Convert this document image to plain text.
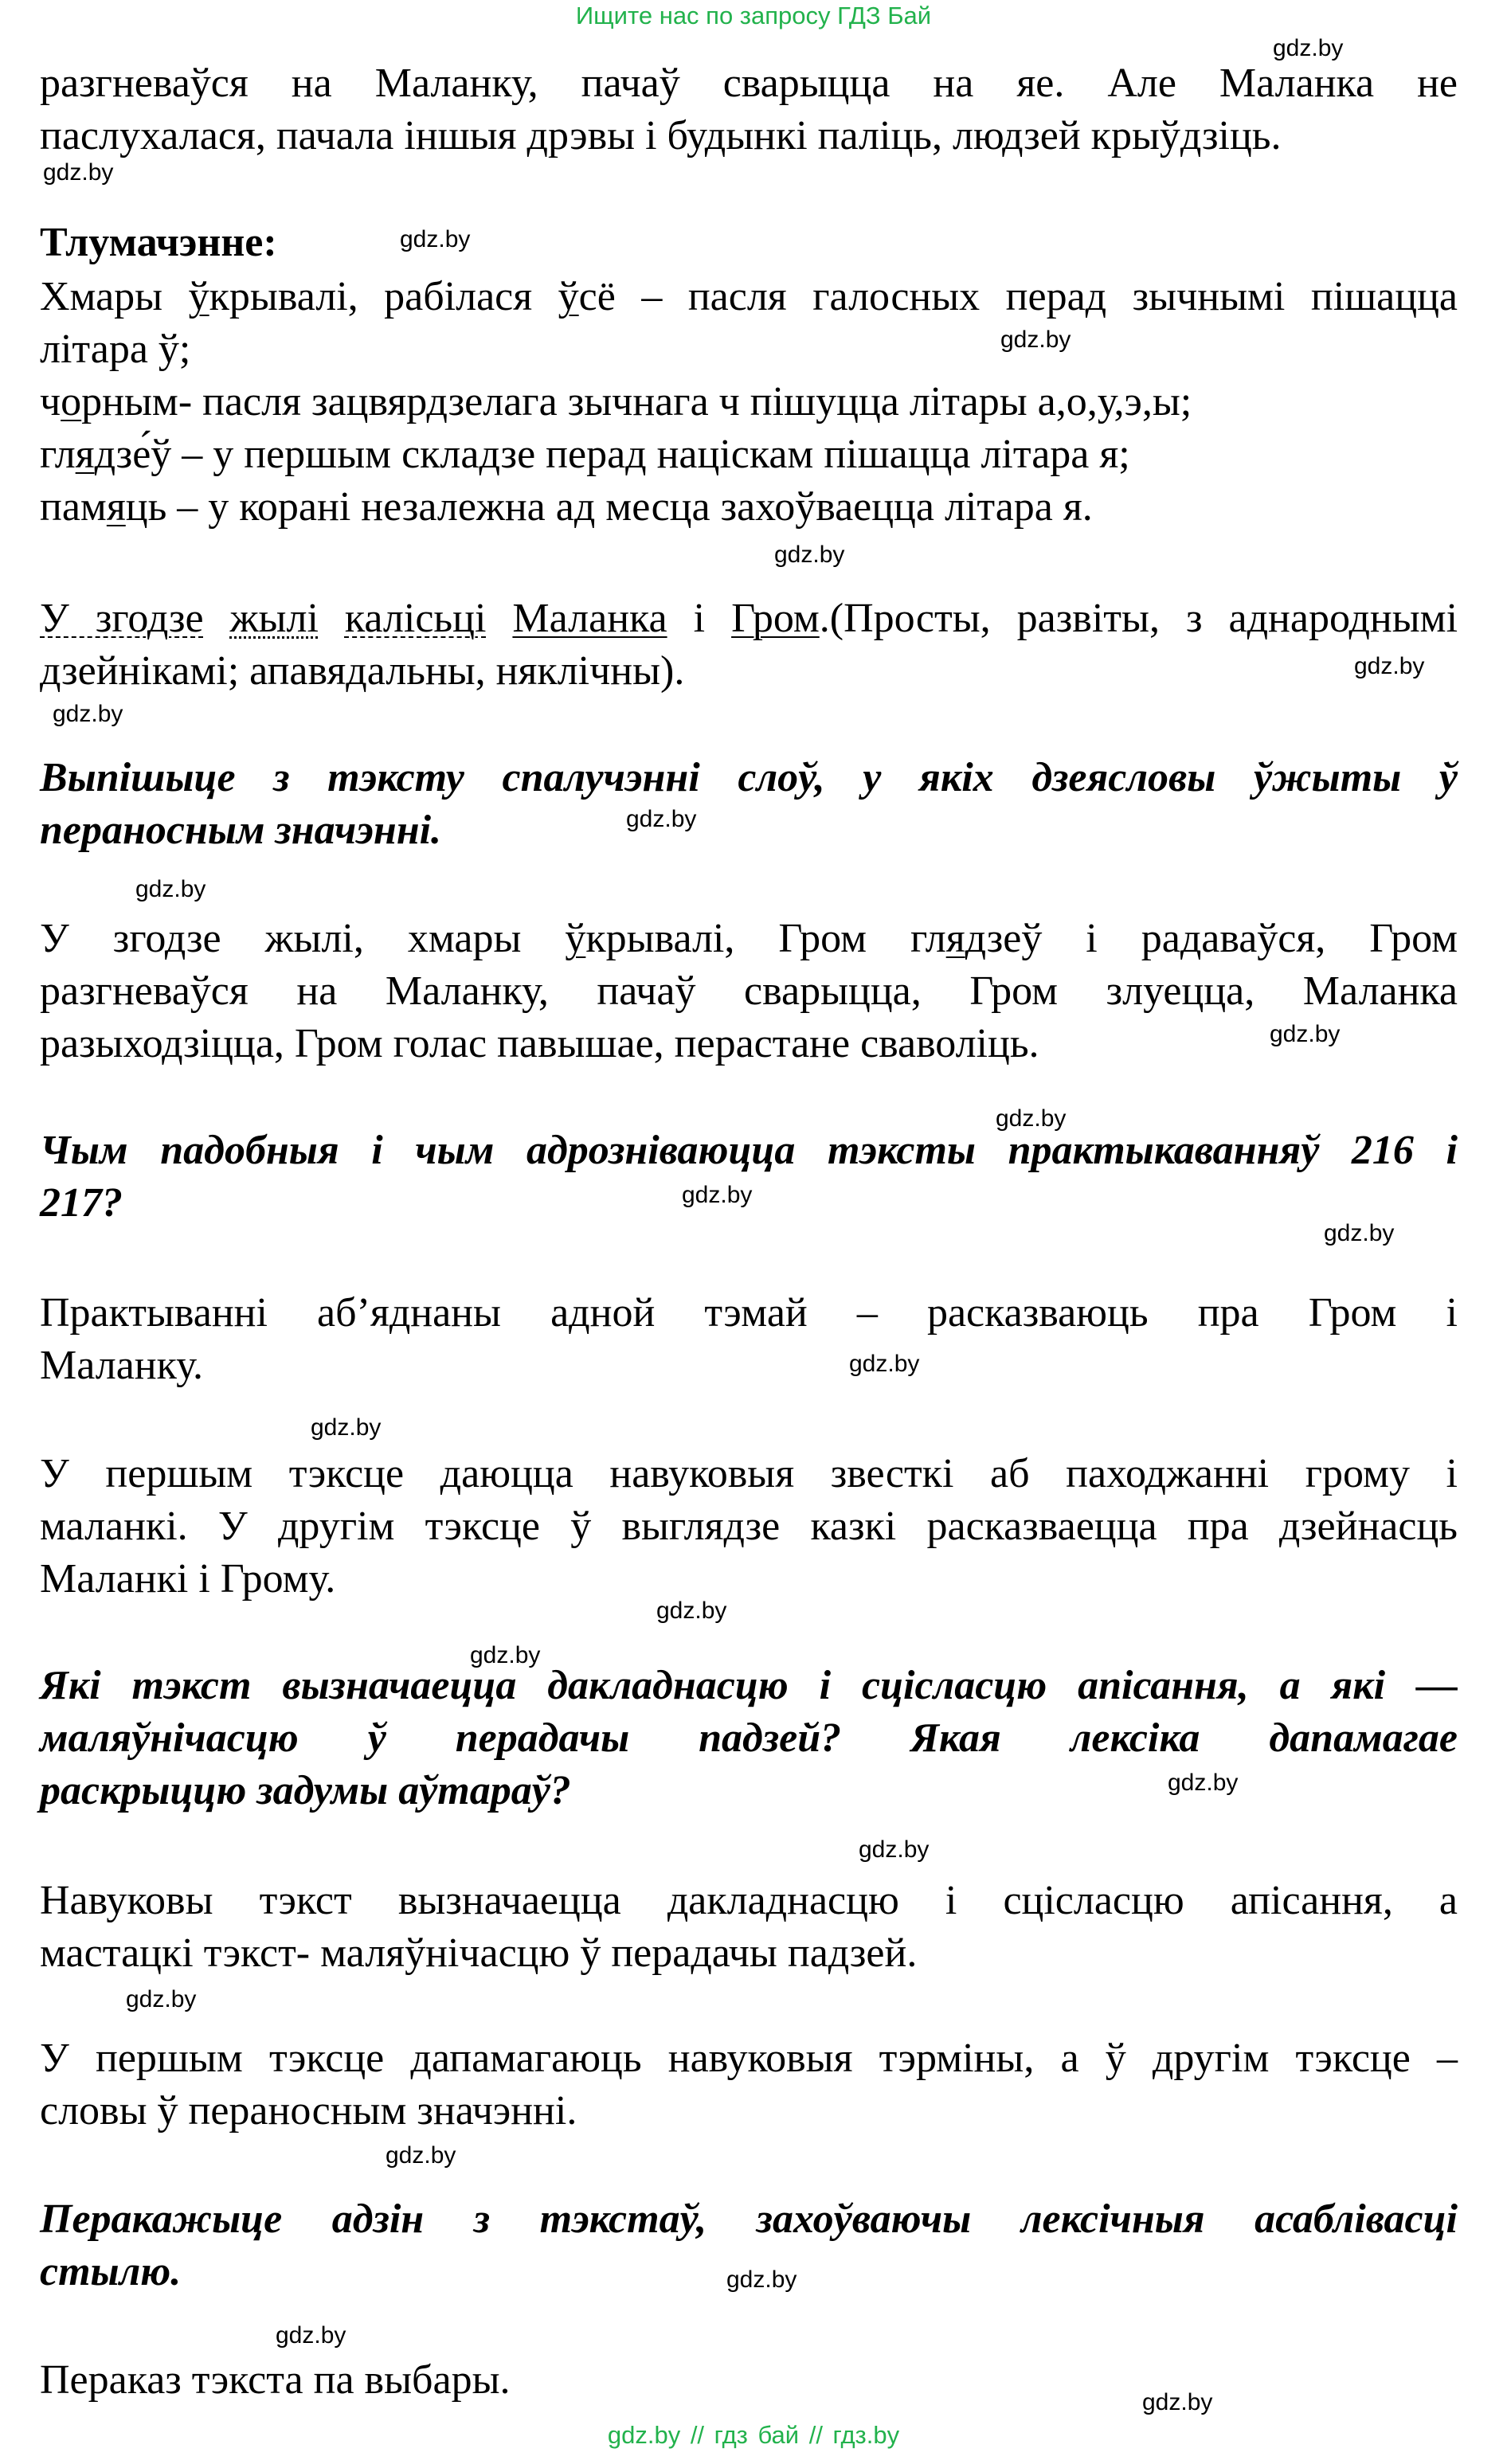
Ищите нас по запросу ГДЗ Бай
gdz.by
gdz.by
gdz.by
gdz.by
gdz.by
gdz.by
gdz.by
gdz.by
gdz.by
gdz.by
gdz.by
gdz.by
gdz.by
gdz.by
gdz.by
gdz.by
gdz.by
gdz.by
gdz.by
gdz.by
gdz.by
gdz.by
gdz.by
gdz.by
разгневаўся на Маланку, пачаў сварыцца на яе. Але Маланка не
паслухалася, пачала іншыя дрэвы і будынкі паліць, людзей крыўдзіць.
Тлумачэнне:
Хмары ўкрывалі, рабілася ўсё – пасля галосных перад зычнымі пішацца
літара ў;
чорным- пасля зацвярдзелага зычнага ч пішуцца літары а,о,у,э,ы;
глядзе́ў – у першым складзе перад націскам пішацца літара я;
памяць – у корані незалежна ад месца захоўваецца літара я.
У згодзе жылі калісьці Маланка і Гром.(Просты, развіты, з аднароднымі
дзейнікамі; апавядальны, няклічны).
Выпішыце з тэксту спалучэнні слоў, у якіх дзеясловы ўжыты ў
пераносным значэнні.
У згодзе жылі, хмары ўкрывалі, Гром глядзеў і радаваўся, Гром
разгневаўся на Маланку, пачаў сварыцца, Гром злуецца, Маланка
разыходзіцца, Гром голас павышае, перастане сваволіць.
Чым падобныя і чым адрозніваюцца тэксты практыкаванняў 216 і
217?
Практыванні аб’яднаны адной тэмай – расказваюць пра Гром і
Маланку.
У першым тэксце даюцца навуковыя звесткі аб паходжанні грому і
маланкі. У другім тэксце ў выглядзе казкі расказваецца пра дзейнасць
Маланкі і Грому.
Які тэкст вызначаецца дакладнасцю і сцісласцю апісання, а які —
маляўнічасцю ў перадачы падзей? Якая лексіка дапамагае
раскрыццю задумы аўтараў?
Навуковы тэкст вызначаецца дакладнасцю і сцісласцю апісання, а
мастацкі тэкст- маляўнічасцю ў перадачы падзей.
У першым тэксце дапамагаюць навуковыя тэрміны, а ў другім тэксце –
словы ў пераносным значэнні.
Перакажыце адзін з тэкстаў, захоўваючы лексічныя асаблівасці
стылю.
Пераказ тэкста па выбары.
gdz.by // гдз бай // гдз.by
